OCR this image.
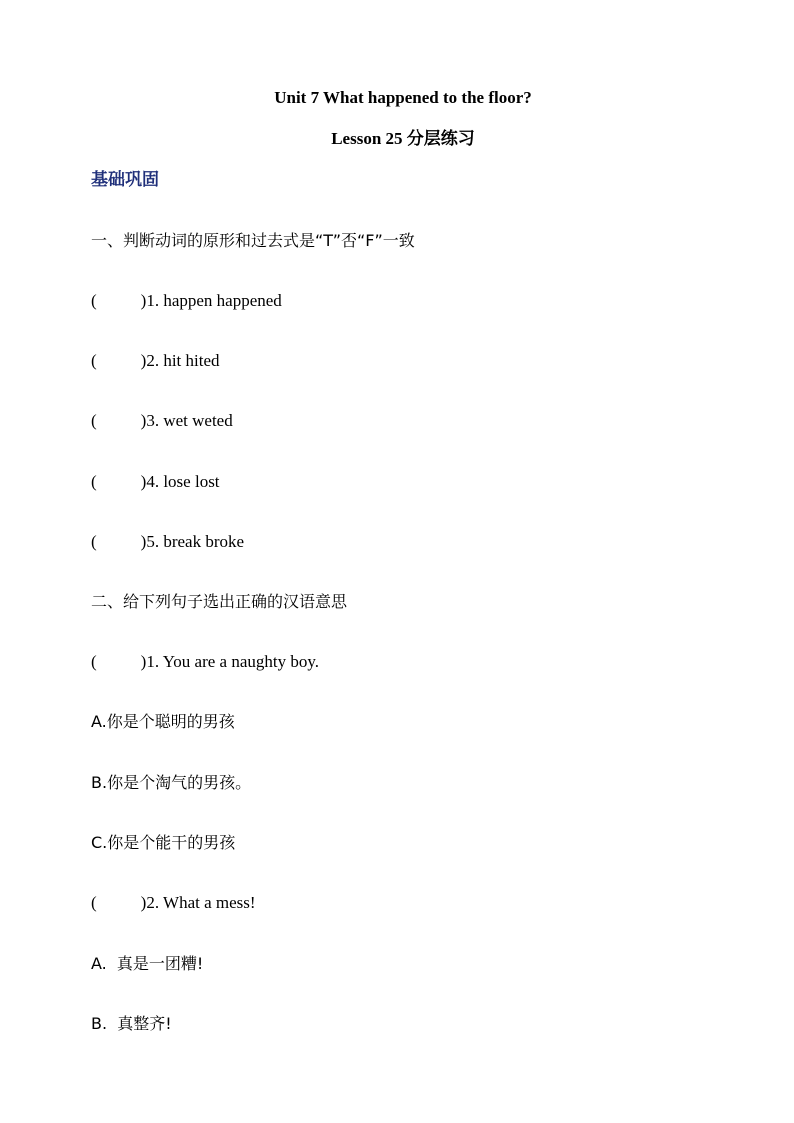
Unit 7 What happened to the floor?
Lesson 25 分层练习
基础巩固
一、判断动词的原形和过去式是“T”否“F”一致
(	)1. happen happened
(	)2. hit hited
(	)3. wet weted
(	)4. lose lost
(	)5. break broke
二、给下列句子选出正确的汉语意思
(	)1. You are a naughty boy.
A.你是个聪明的男孩
B.你是个淘气的男孩。
C.你是个能干的男孩
(	)2. What a mess!
A.  真是一团糟!
B.  真整齐!
